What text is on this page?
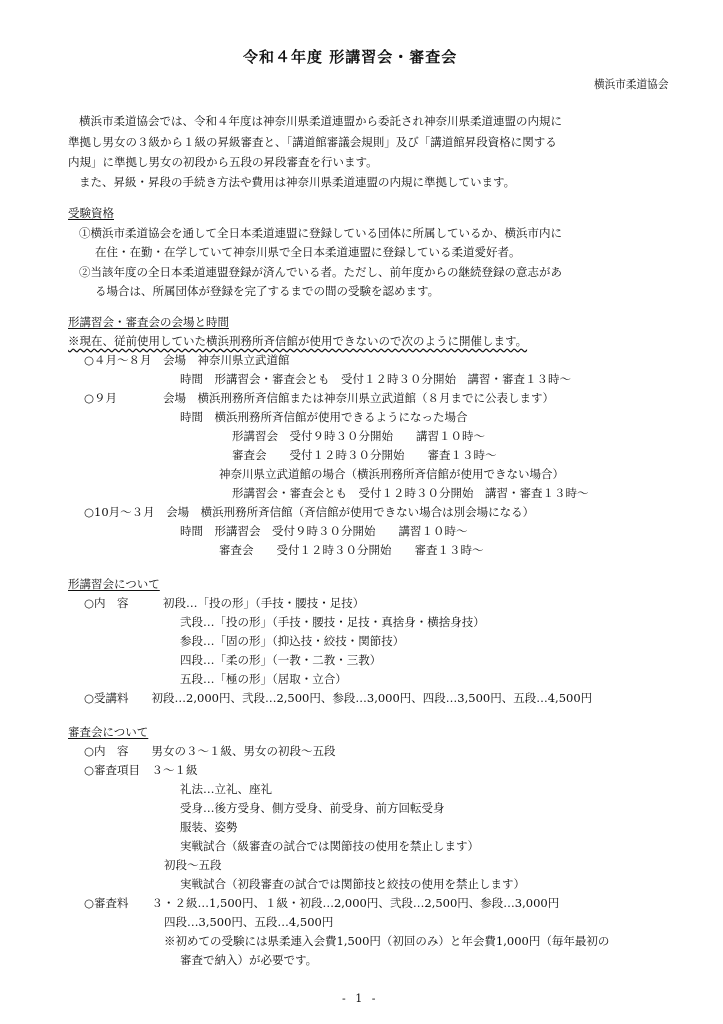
令和４年度 形講習会・審査会
横浜市柔道協会
横浜市柔道協会では、令和４年度は神奈川県柔道連盟から委託され神奈川県柔道連盟の内規に
準拠し男女の３級から１級の昇級審査と、「講道館審議会規則」及び「講道館昇段資格に関する
内規」に準拠し男女の初段から五段の昇段審査を行います。
また、昇級・昇段の手続き方法や費用は神奈川県柔道連盟の内規に準拠しています。
受験資格
①横浜市柔道協会を通して全日本柔道連盟に登録している団体に所属しているか、横浜市内に
在住・在勤・在学していて神奈川県で全日本柔道連盟に登録している柔道愛好者。
②当該年度の全日本柔道連盟登録が済んでいる者。ただし、前年度からの継続登録の意志があ
る場合は、所属団体が登録を完了するまでの間の受験を認めます。
形講習会・審査会の会場と時間
※現在、従前使用していた横浜刑務所斉信館が使用できないので次のように開催します。
○４月～８月　会場　神奈川県立武道館
時間　形講習会・審査会とも　受付１２時３０分開始　講習・審査１３時～
○９月　　　　会場　横浜刑務所斉信館または神奈川県立武道館（８月までに公表します）
時間　横浜刑務所斉信館が使用できるようになった場合
形講習会　受付９時３０分開始　　講習１０時～
審査会　　受付１２時３０分開始　　審査１３時～
神奈川県立武道館の場合（横浜刑務所斉信館が使用できない場合）
形講習会・審査会とも　受付１２時３０分開始　講習・審査１３時～
○10月～３月　会場　横浜刑務所斉信館（斉信館が使用できない場合は別会場になる）
時間　形講習会　受付９時３０分開始　　講習１０時～
審査会　　受付１２時３０分開始　　審査１３時～
形講習会について
○内　容　　　初段…「投の形」（手技・腰技・足技）
弐段…「投の形」（手技・腰技・足技・真捨身・横捨身技）
参段…「固の形」（抑込技・絞技・関節技）
四段…「柔の形」（一教・二教・三教）
五段…「極の形」（居取・立合）
○受講料　　初段…2,000円、弐段…2,500円、参段…3,000円、四段…3,500円、五段…4,500円
審査会について
○内　容　　男女の３～１級、男女の初段～五段
○審査項目　３～１級
礼法…立礼、座礼
受身…後方受身、側方受身、前受身、前方回転受身
服装、姿勢
実戦試合（級審査の試合では関節技の使用を禁止します）
初段～五段
実戦試合（初段審査の試合では関節技と絞技の使用を禁止します）
○審査料　　３・２級…1,500円、１級・初段…2,000円、弐段…2,500円、参段…3,000円
四段…3,500円、五段…4,500円
※初めての受験には県柔連入会費1,500円（初回のみ）と年会費1,000円（毎年最初の
審査で納入）が必要です。
- 1 -
